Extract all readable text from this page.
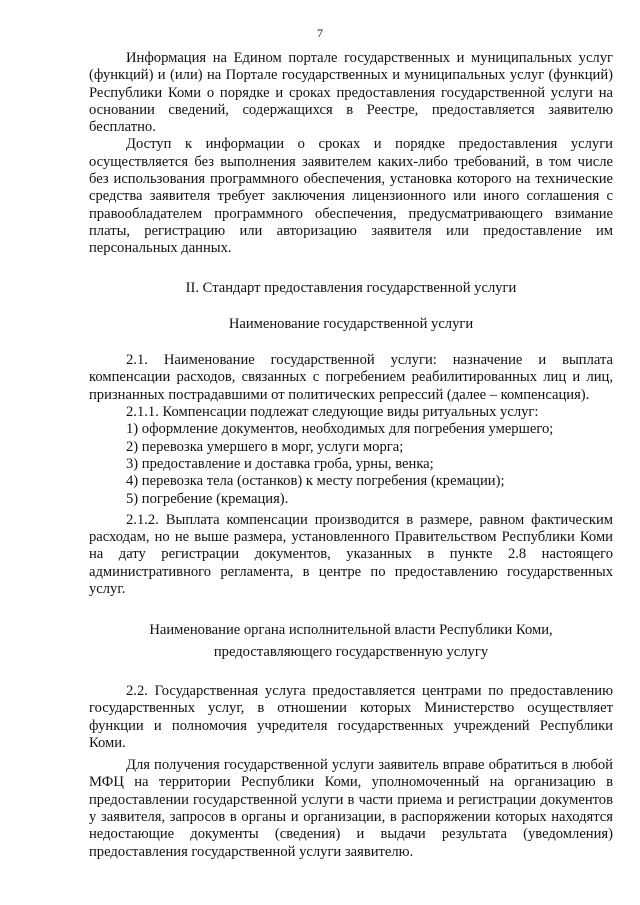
7

Информация на Едином портале государственных и муниципальных услуг (функций) и (или) на Портале государственных и муниципальных услуг (функций) Республики Коми о порядке и сроках предоставления государственной услуги на основании сведений, содержащихся в Реестре, предоставляется заявителю бесплатно.

Доступ к информации о сроках и порядке предоставления услуги осуществляется без выполнения заявителем каких-либо требований, в том числе без использования программного обеспечения, установка которого на технические средства заявителя требует заключения лицензионного или иного соглашения с правообладателем программного обеспечения, предусматривающего взимание платы, регистрацию или авторизацию заявителя или предоставление им персональных данных.

II. Стандарт предоставления государственной услуги

Наименование государственной услуги

2.1. Наименование государственной услуги: назначение и выплата компенсации расходов, связанных с погребением реабилитированных лиц и лиц, признанных пострадавшими от политических репрессий (далее – компенсация).

2.1.1. Компенсации подлежат следующие виды ритуальных услуг:

1) оформление документов, необходимых для погребения умершего;

2) перевозка умершего в морг, услуги морга;

3) предоставление и доставка гроба, урны, венка;

4) перевозка тела (останков) к месту погребения (кремации);

5) погребение (кремация).

2.1.2. Выплата компенсации производится в размере, равном фактическим расходам, но не выше размера, установленного Правительством Республики Коми на дату регистрации документов, указанных в пункте 2.8 настоящего административного регламента, в центре по предоставлению государственных услуг.

Наименование органа исполнительной власти Республики Коми,

предоставляющего государственную услугу

2.2. Государственная услуга предоставляется центрами по предоставлению государственных услуг, в отношении которых Министерство осуществляет функции и полномочия учредителя государственных учреждений Республики Коми.

Для получения государственной услуги заявитель вправе обратиться в любой МФЦ на территории Республики Коми, уполномоченный на организацию в предоставлении государственной услуги в части приема и регистрации документов у заявителя, запросов в органы и организации, в распоряжении которых находятся недостающие документы (сведения) и выдачи результата (уведомления) предоставления государственной услуги заявителю.
